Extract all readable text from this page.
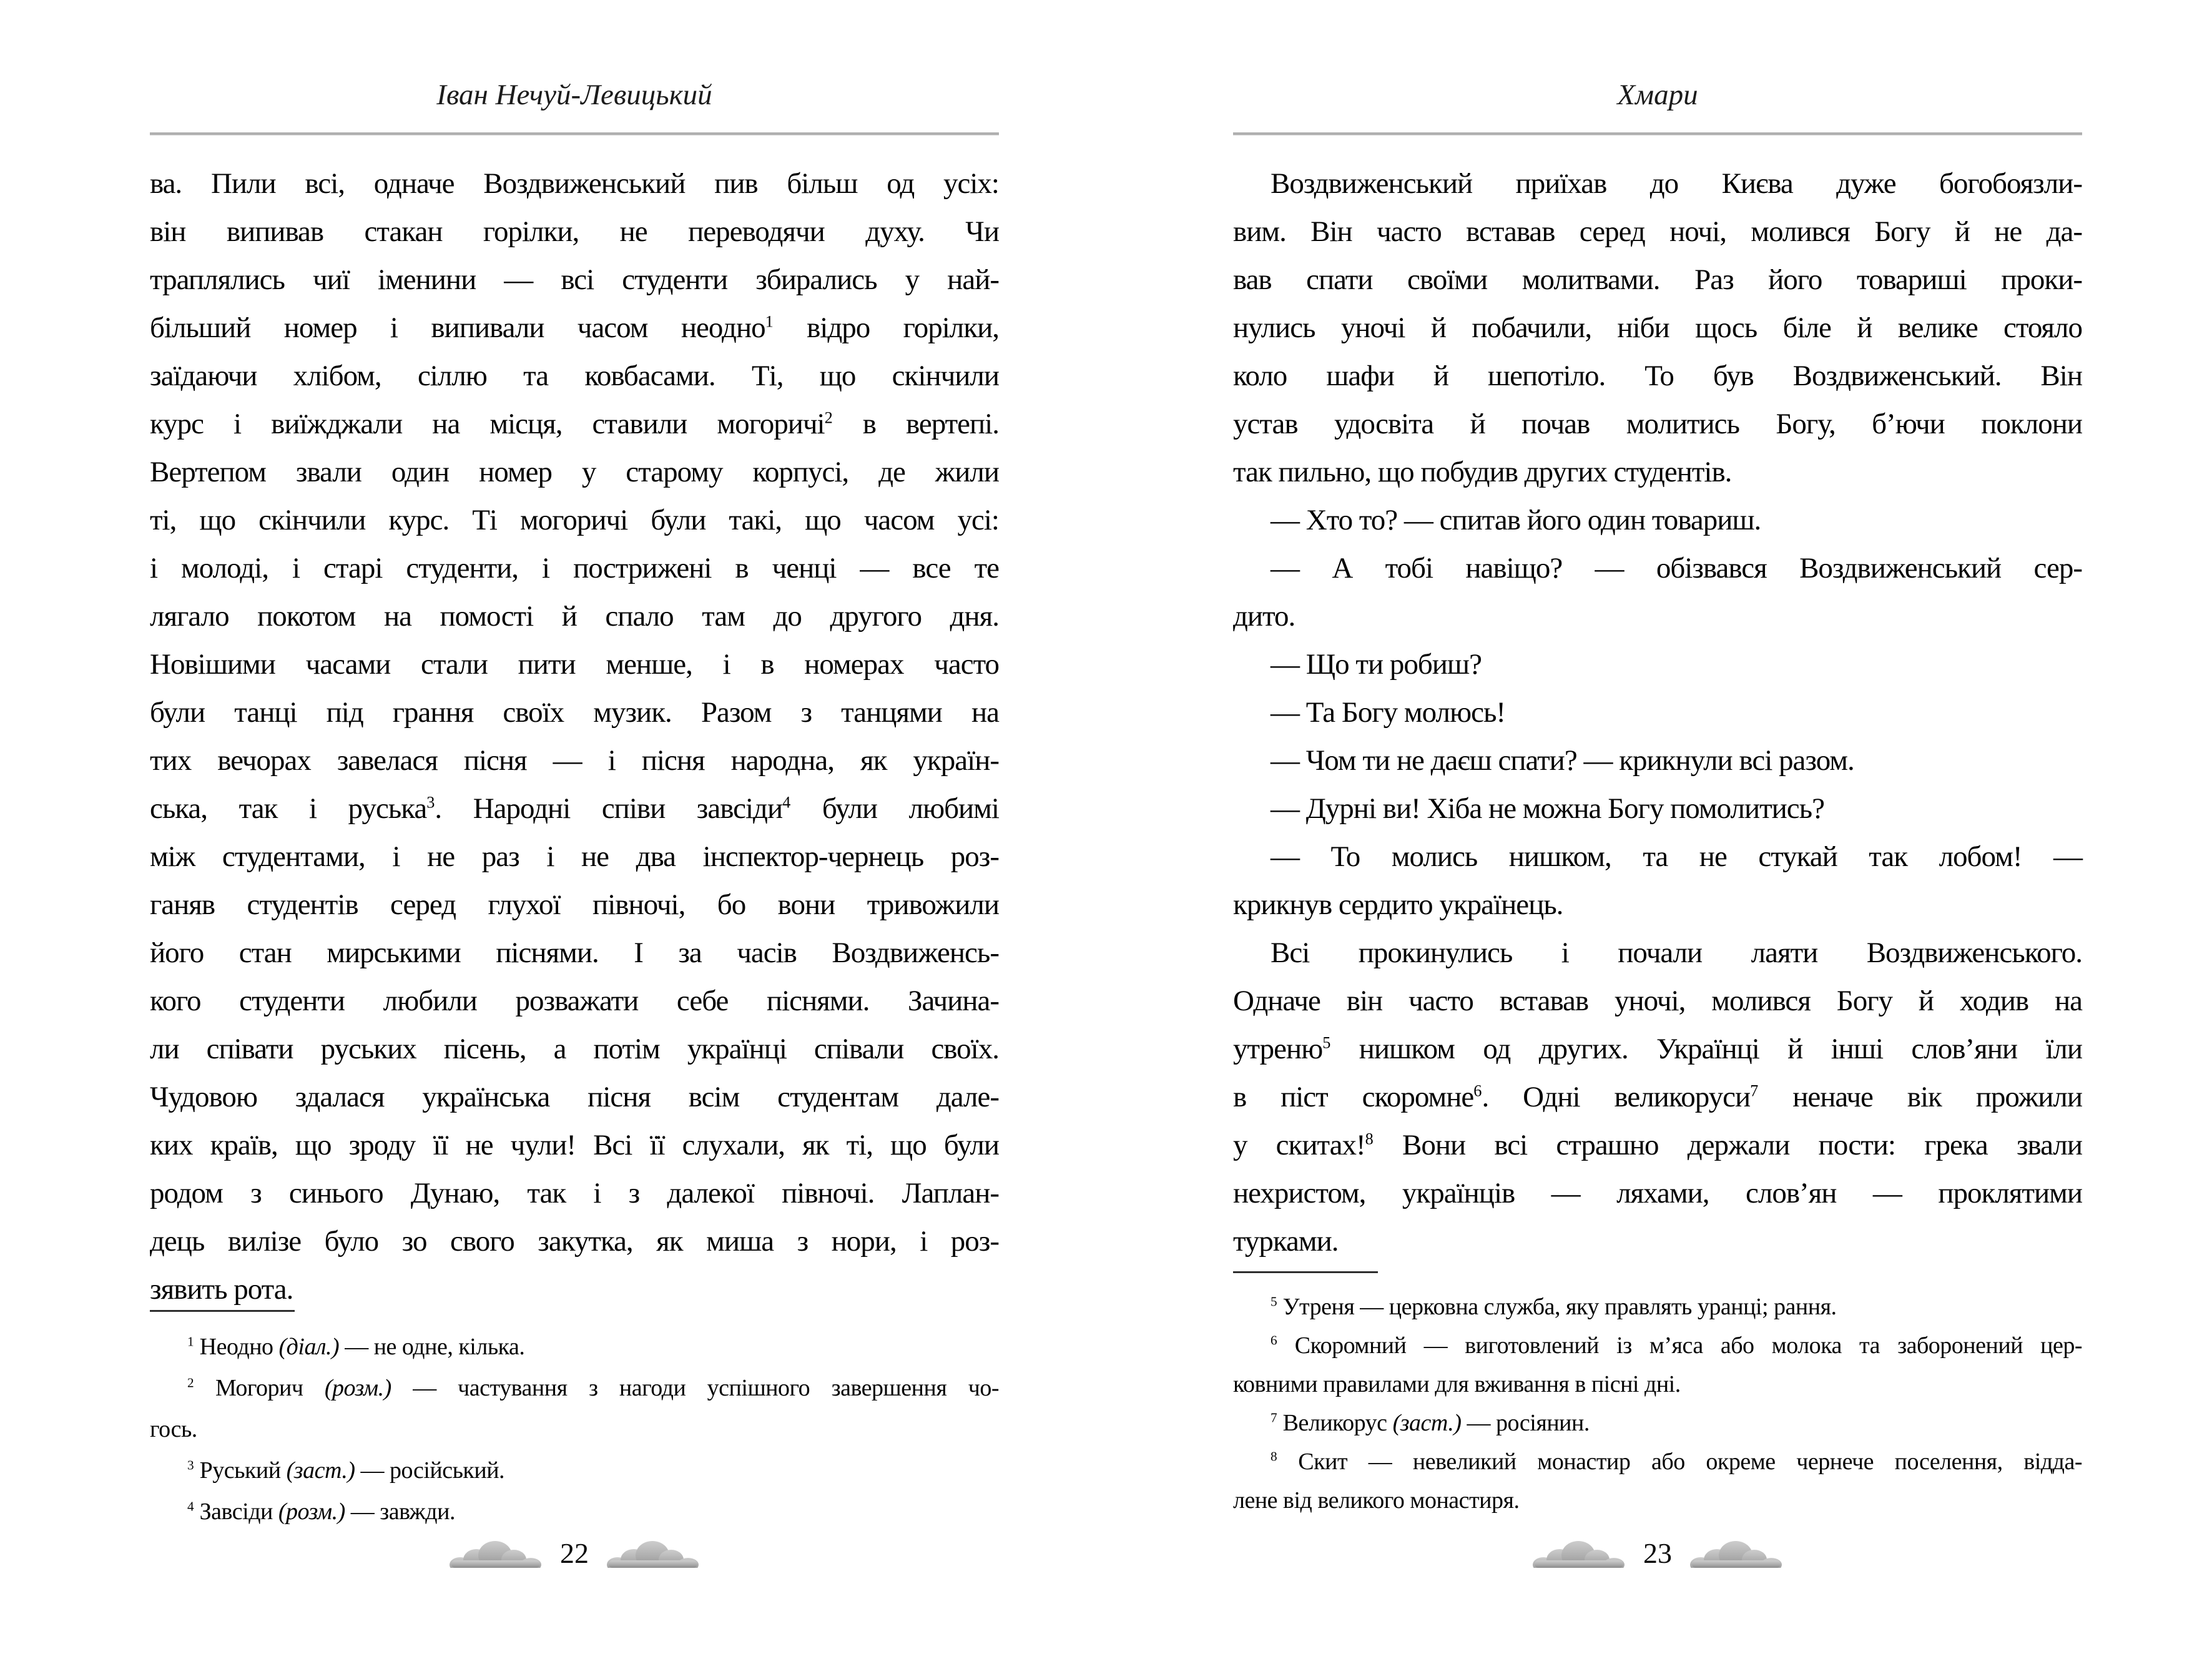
Іван Нечуй-Левицький
ва. Пили всі, одначе Воздвиженський пив більш од усіх:
він випивав стакан горілки, не переводячи духу. Чи
траплялись чиї іменини — всі студенти збирались у най-
більший номер і випивали часом неодно$^1$ відро горілки,
заїдаючи хлібом, сіллю та ковбасами. Ті, що скінчили
курс і виїжджали на місця, ставили могоричі$^2$ в вертепі.
Вертепом звали один номер у старому корпусі, де жили
ті, що скінчили курс. Ті могоричі були такі, що часом усі:
і молоді, і старі студенти, і пострижені в ченці — все те
лягало покотом на помості й спало там до другого дня.
Новішими часами стали пити менше, і в номерах часто
були танці під грання своїх музик. Разом з танцями на
тих вечорах завелася пісня — і пісня народна, як україн-
ська, так і руська$^3$. Народні співи завсіди$^4$ були любимі
між студентами, і не раз і не два інспектор-чернець роз-
ганяв студентів серед глухої півночі, бо вони тривожили
його стан мирськими піснями. І за часів Воздвиженсь-
кого студенти любили розважати себе піснями. Зачина-
ли співати руських пісень, а потім українці співали своїх.
Чудовою здалася українська пісня всім студентам дале-
ких країв, що зроду її не чули! Всі її слухали, як ті, що були
родом з синього Дунаю, так і з далекої півночі. Лаплан-
дець вилізе було зо свого закутка, як миша з нори, і роз-
зявить рота.
$^1$ Неодно (діал.) — не одне, кілька.
$^2$ Могорич (розм.) — частування з нагоди успішного завершення чо-
гось.
$^3$ Руський (заст.) — російський.
$^4$ Завсіди (розм.) — завжди.
22
Хмари
Воздвиженський приїхав до Києва дуже богобоязли-
вим. Він часто вставав серед ночі, молився Богу й не да-
вав спати своїми молитвами. Раз його товариші проки-
нулись уночі й побачили, ніби щось біле й велике стояло
коло шафи й шепотіло. То був Воздвиженський. Він
устав удосвіта й почав молитись Богу, б’ючи поклони
так пильно, що побудив других студентів.
— Хто то? — спитав його один товариш.
— А тобі навіщо? — обізвався Воздвиженський сер-
дито.
— Що ти робиш?
— Та Богу молюсь!
— Чом ти не даєш спати? — крикнули всі разом.
— Дурні ви! Хіба не можна Богу помолитись?
— То молись нишком, та не стукай так лобом! —
крикнув сердито українець.
Всі прокинулись і почали лаяти Воздвиженського.
Одначе він часто вставав уночі, молився Богу й ходив на
утреню$^5$ нишком од других. Українці й інші слов’яни їли
в піст скоромне$^6$. Одні великоруси$^7$ неначе вік прожили
у скитах!$^8$ Вони всі страшно держали пости: грека звали
нехристом, українців — ляхами, слов’ян — проклятими
турками.
$^5$ Утреня — церковна служба, яку правлять уранці; рання.
$^6$ Скоромний — виготовлений із м’яса або молока та заборонений цер-
ковними правилами для вживання в пісні дні.
$^7$ Великорус (заст.) — росіянин.
$^8$ Скит — невеликий монастир або окреме чернече поселення, відда-
лене від великого монастиря.
23
